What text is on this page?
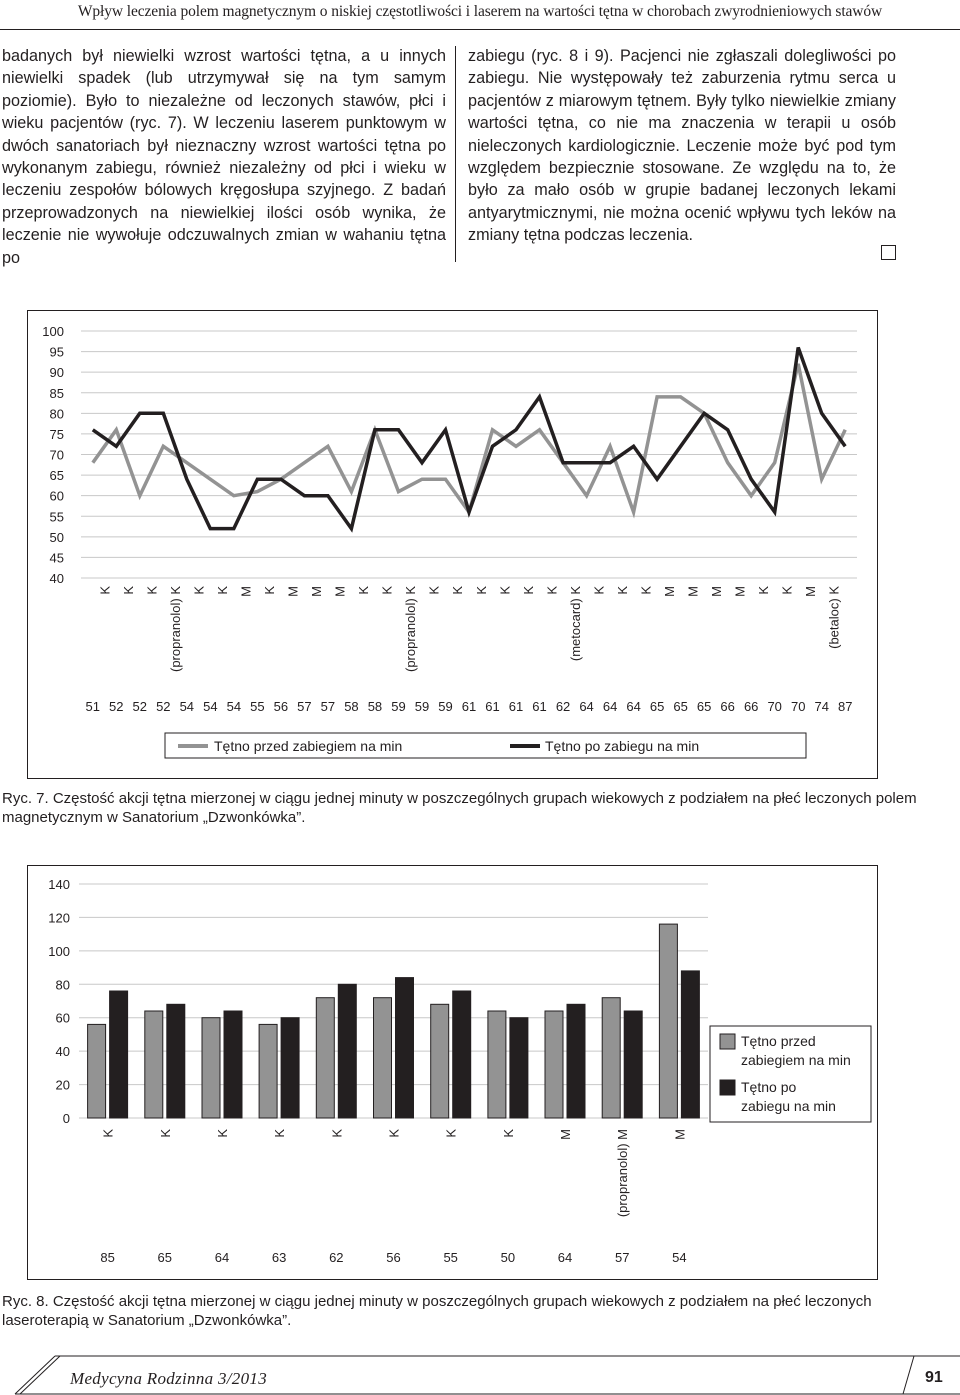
Wpływ leczenia polem magnetycznym o niskiej częstotliwości i laserem na wartości tętna w chorobach zwyrodnieniowych stawów

badanych był niewielki wzrost wartości tętna, a u innych niewielki spadek (lub utrzymywał się na tym samym poziomie). Było to niezależne od leczonych stawów, płci i wieku pacjentów (ryc. 7). W leczeniu laserem punktowym w dwóch sanatoriach był nieznaczny wzrost wartości tętna po wykonanym zabiegu, również niezależny od płci i wieku w leczeniu zespołów bólowych kręgosłupa szyjnego. Z badań przeprowadzonych na niewielkiej ilości osób wynika, że leczenie nie wywołuje odczuwalnych zmian w wahaniu tętna po

zabiegu (ryc. 8 i 9). Pacjenci nie zgłaszali dolegliwości po zabiegu. Nie występowały też zaburzenia rytmu serca u pacjentów z miarowym tętnem. Były tylko niewielkie zmiany wartości tętna, co nie ma znaczenia w terapii u osób nieleczonych kardiologicznie. Leczenie może być pod tym względem bezpiecznie stosowane. Ze względu na to, że było za mało osób w grupie badanej leczonych lekami antyarytmicznymi, nie można ocenić wpływu tych leków na zmiany tętna podczas leczenia.

100
95
90
85
80
75
70
65
60
55
50
45
40
K K K (propranolol) K K K M K M M M K K (propranolol) K K K K K K K (metocard) K K K K M M M M K K M (betaloc) K
51 52 52 52 54 54 54 55 56 57 57 58 58 59 59 59 61 61 61 61 62 64 64 64 65 65 65 66 66 70 70 74 87
Tętno przed zabiegiem na min	Tętno po zabiegu na min
Ryc. 7. Częstość akcji tętna mierzonej w ciągu jednej minuty w poszczególnych grupach wiekowych z podziałem na płeć leczonych polem magnetycznym w Sanatorium „Dzwonkówka”.
140
120
100
80
60
40
20
0
K	K	K	K	K	K	K	K	M	(propranolol) M	M
85	65	64	63	62	56	55	50	64	57	54
Tętno przed
zabiegiem na min
Tętno po
zabiegu na min
Ryc. 8. Częstość akcji tętna mierzonej w ciągu jednej minuty w poszczególnych grupach wiekowych z podziałem na płeć leczonych laseroterapią w Sanatorium „Dzwonkówka”.
Medycyna Rodzinna 3/2013	91
